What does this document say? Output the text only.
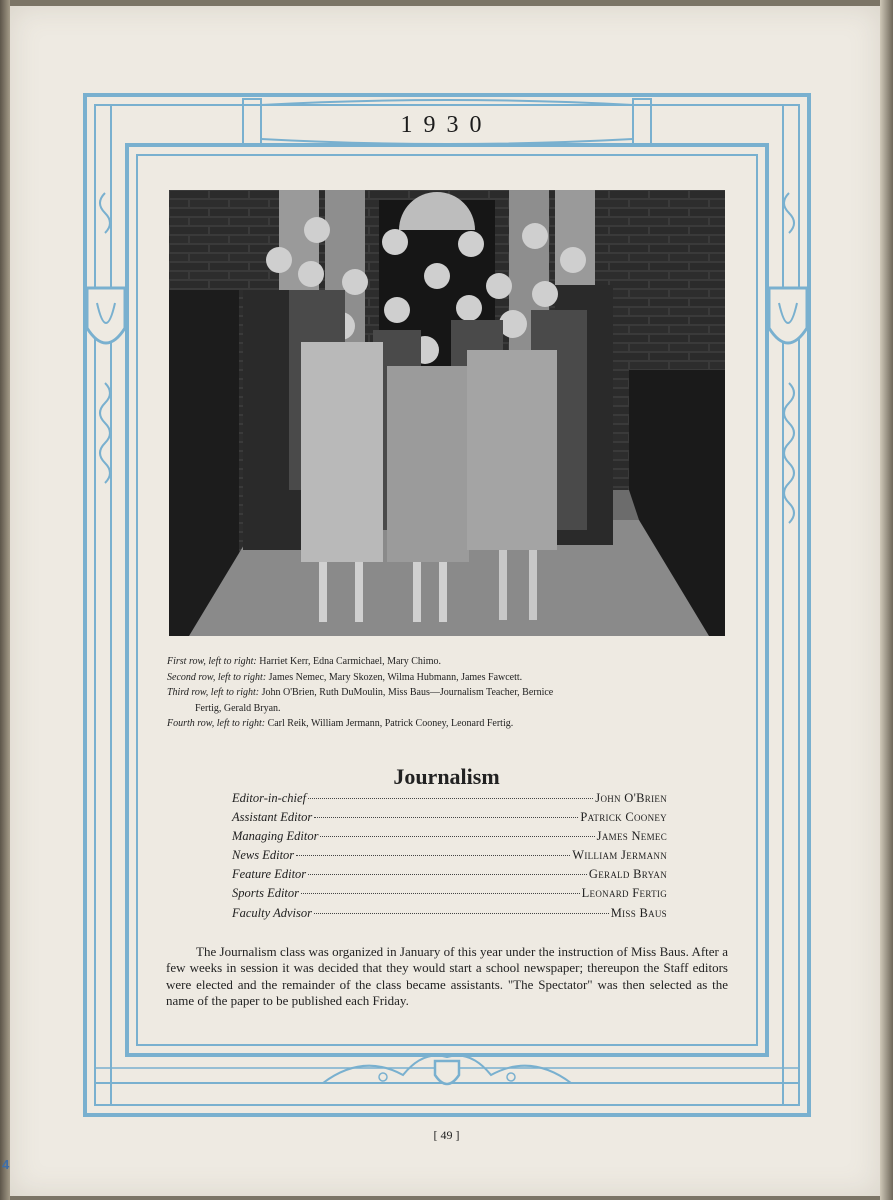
1930

First row, left to right: Harriet Kerr, Edna Carmichael, Mary Chimo.

Second row, left to right: James Nemec, Mary Skozen, Wilma Hubmann, James Fawcett.

Third row, left to right: John O'Brien, Ruth DuMoulin, Miss Baus—Journalism Teacher, Bernice

Fertig, Gerald Bryan.

Fourth row, left to right: Carl Reik, William Jermann, Patrick Cooney, Leonard Fertig.

Journalism
Editor-in-chief	John O'Brien
Assistant Editor	Patrick Cooney
Managing Editor	James Nemec
News Editor	William Jermann
Feature Editor	Gerald Bryan
Sports Editor	Leonard Fertig
Faculty Advisor	Miss Baus

The Journalism class was organized in January of this year under the instruction of Miss Baus. After a few weeks in session it was decided that they would start a school newspaper; thereupon the Staff editors were elected and the remainder of the class became assistants. "The Spectator" was then selected as the name of the paper to be published each Friday.

[ 49 ]
4
